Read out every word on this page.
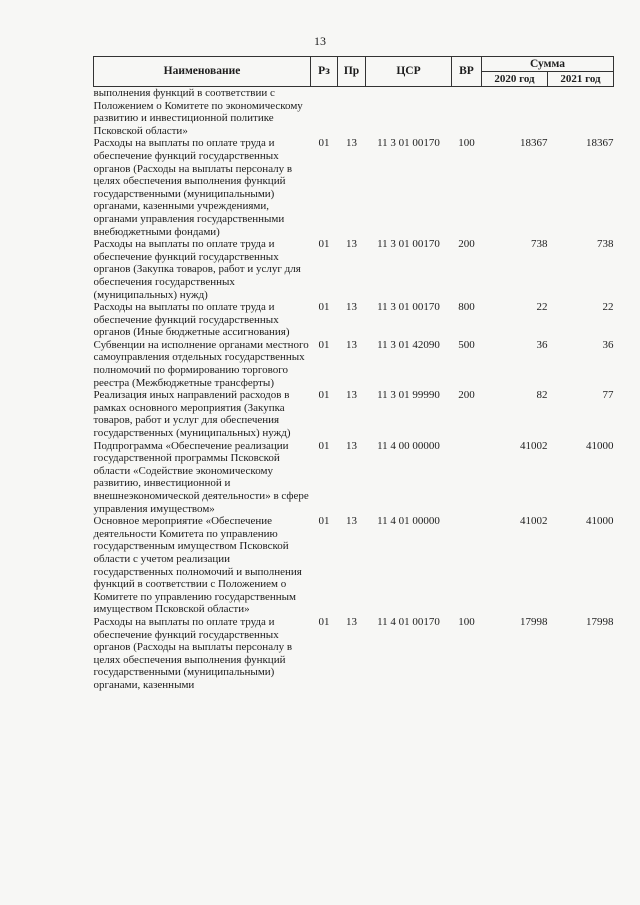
13
Наименование	Рз	Пр	ЦСР	ВР	Сумма	
					2020 год	2021 год
выполнения функций в соответствии с Положением о Комитете по экономическому развитию и инвестиционной политике Псковской области»						
Расходы на выплаты по оплате труда и обеспечение функций государственных органов (Расходы на выплаты персоналу в целях обеспечения выполнения функций государственными (муниципальными) органами, казенными учреждениями, органами управления государственными внебюджетными фондами)	01	13	11 3 01 00170	100	18367	18367
Расходы на выплаты по оплате труда и обеспечение функций государственных органов (Закупка товаров, работ и услуг для обеспечения государственных (муниципальных) нужд)	01	13	11 3 01 00170	200	738	738
Расходы на выплаты по оплате труда и обеспечение функций государственных органов (Иные бюджетные ассигнования)	01	13	11 3 01 00170	800	22	22
Субвенции на исполнение органами местного самоуправления отдельных государственных полномочий по формированию торгового реестра (Межбюджетные трансферты)	01	13	11 3 01 42090	500	36	36
Реализация иных направлений расходов в рамках основного мероприятия (Закупка товаров, работ и услуг для обеспечения государственных (муниципальных) нужд)	01	13	11 3 01 99990	200	82	77
Подпрограмма «Обеспечение реализации государственной программы Псковской области «Содействие экономическому развитию, инвестиционной и внешнеэкономической деятельности» в сфере управления имуществом»	01	13	11 4 00 00000		41002	41000
Основное мероприятие «Обеспечение деятельности Комитета по управлению государственным имуществом Псковской области с учетом реализации государственных полномочий и выполнения функций в соответствии с Положением о Комитете по управлению государственным имуществом Псковской области»	01	13	11 4 01 00000		41002	41000
Расходы на выплаты по оплате труда и обеспечение функций государственных органов (Расходы на выплаты персоналу в целях обеспечения выполнения функций государственными (муниципальными) органами, казенными	01	13	11 4 01 00170	100	17998	17998
